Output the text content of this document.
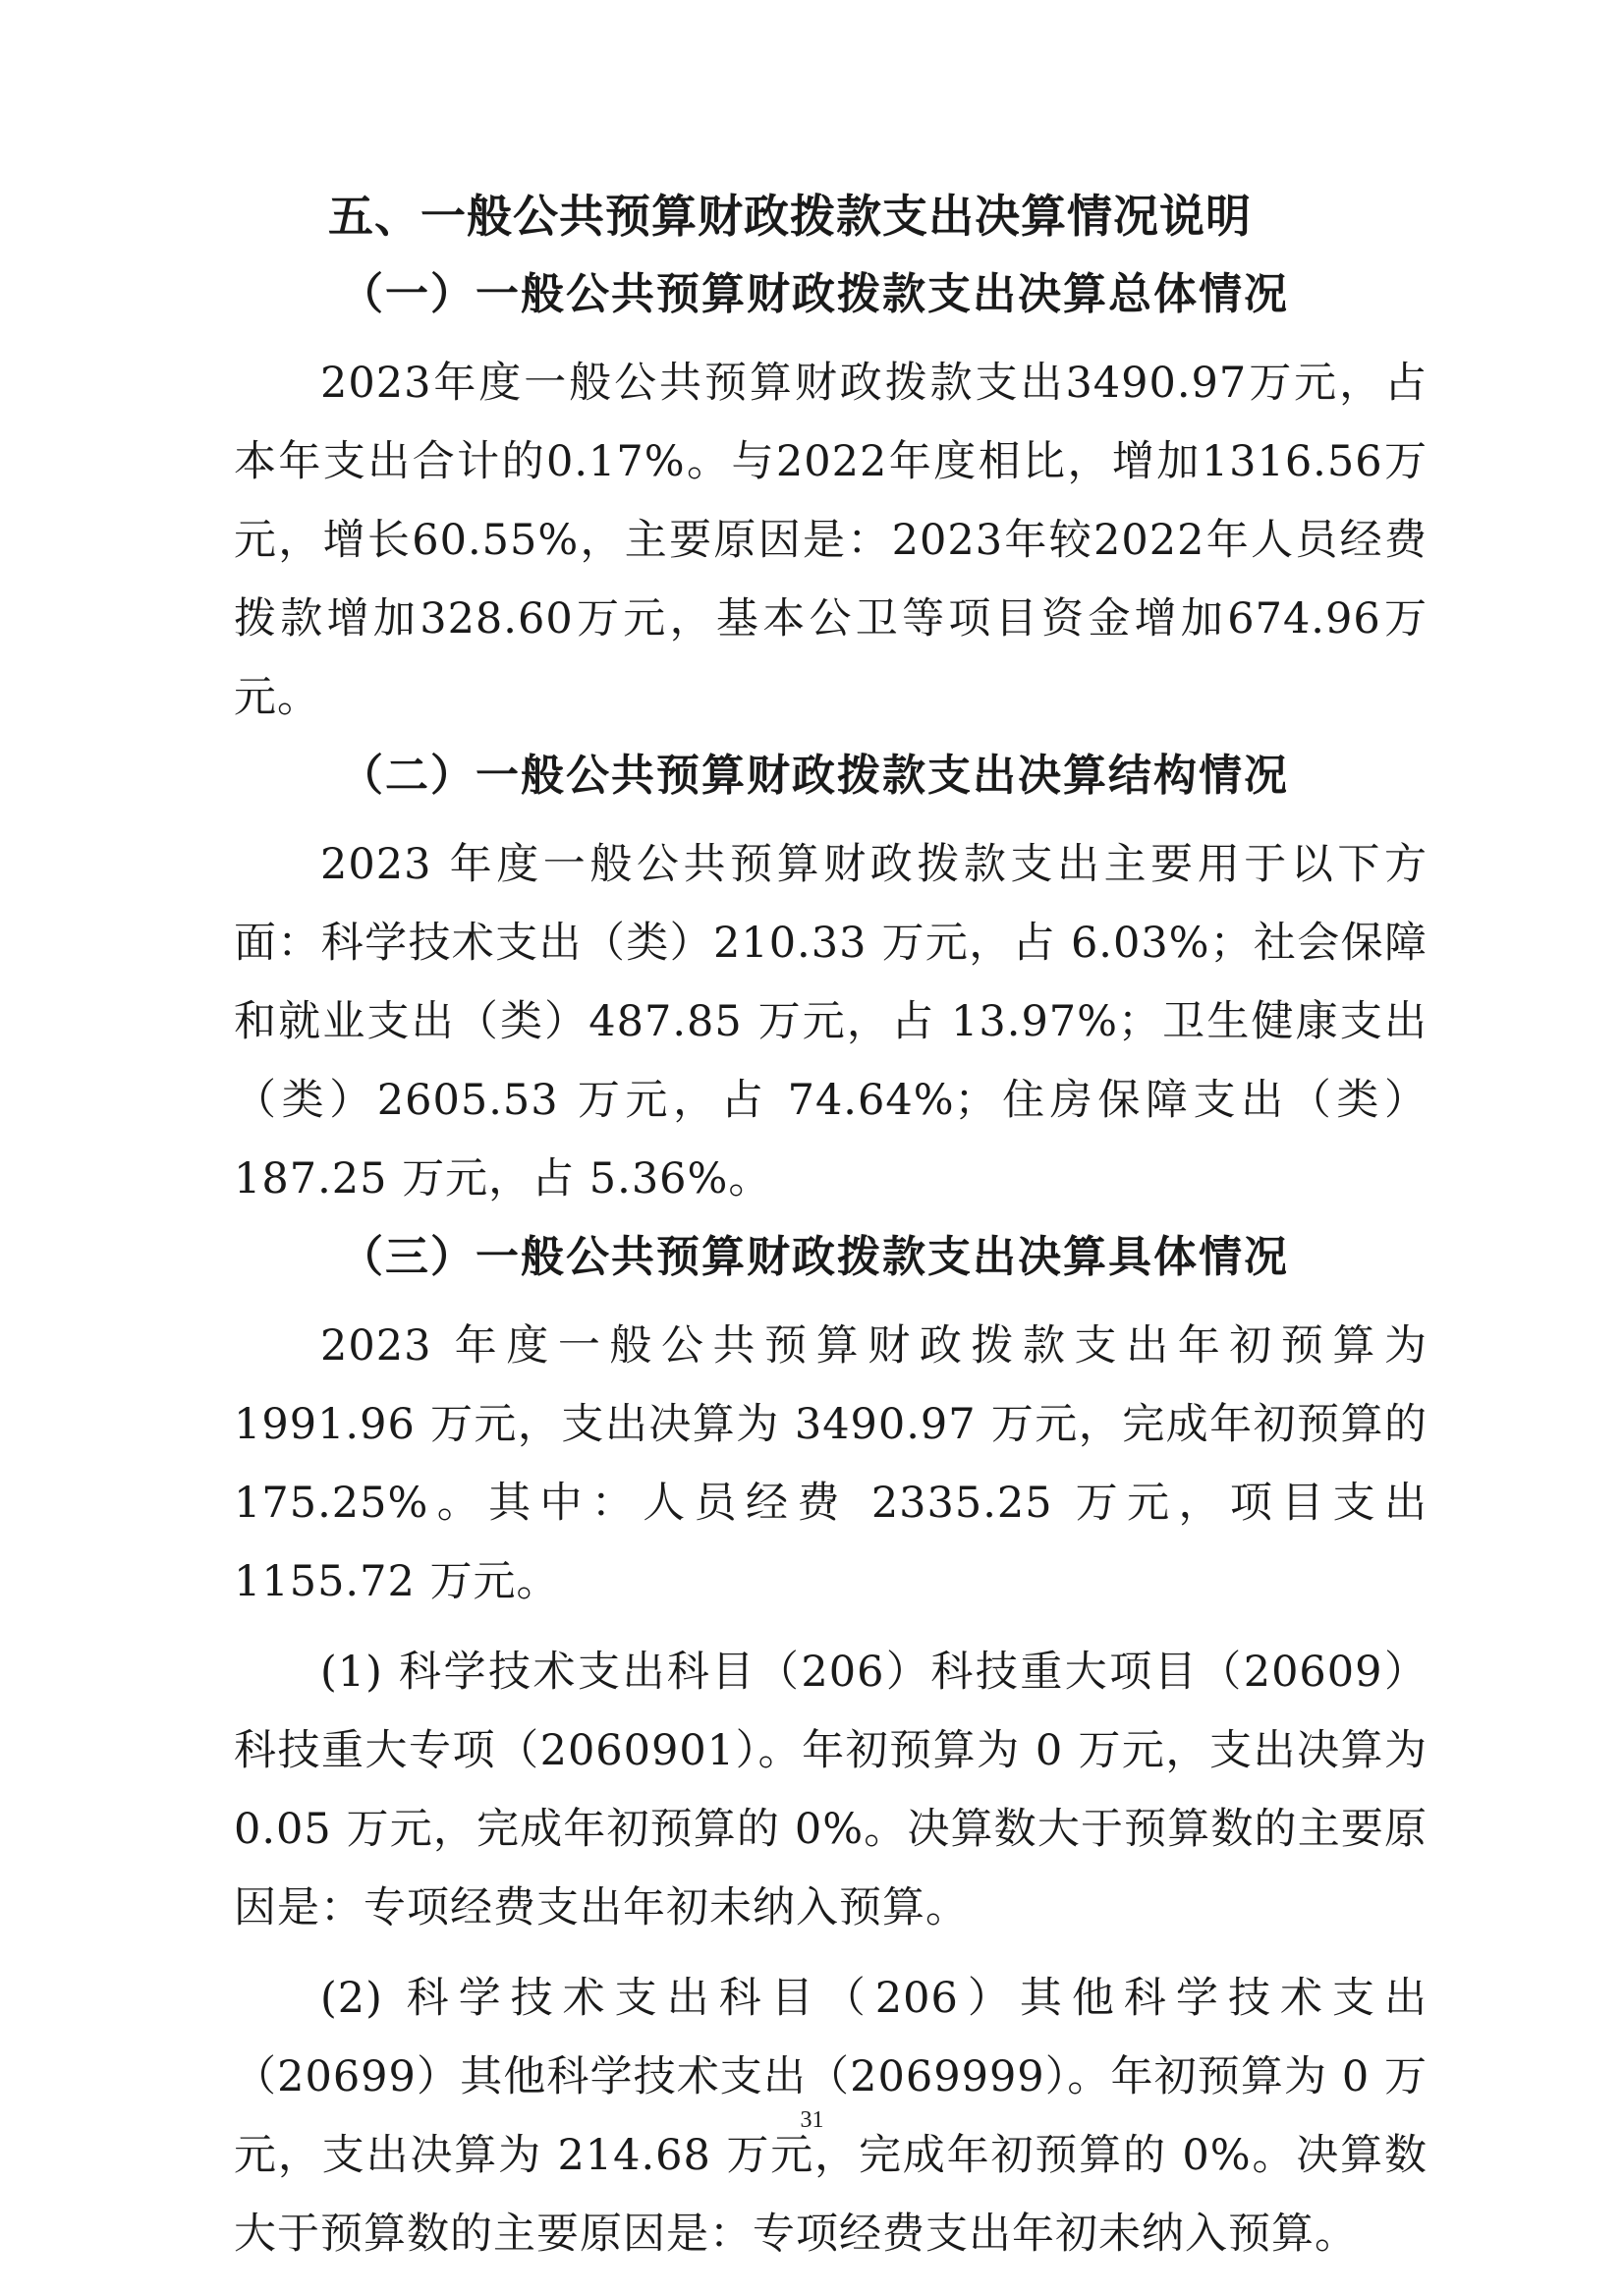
五、一般公共预算财政拨款支出决算情况说明
（一）一般公共预算财政拨款支出决算总体情况

2023年度一般公共预算财政拨款支出3490.97万元，占本年支出合计的0.17%。与2022年度相比，增加1316.56万元，增长60.55%，主要原因是：2023年较2022年人员经费拨款增加328.60万元，基本公卫等项目资金增加674.96万元。

（二）一般公共预算财政拨款支出决算结构情况

2023 年度一般公共预算财政拨款支出主要用于以下方面：科学技术支出（类）210.33 万元，占 6.03%；社会保障和就业支出（类）487.85 万元，占 13.97%；卫生健康支出（类）2605.53 万元，占 74.64%；住房保障支出（类）187.25 万元，占 5.36%。

（三）一般公共预算财政拨款支出决算具体情况

2023 年度一般公共预算财政拨款支出年初预算为 1991.96 万元，支出决算为 3490.97 万元，完成年初预算的 175.25%。其中：人员经费 2335.25 万元，项目支出 1155.72 万元。

(1) 科学技术支出科目（206）科技重大项目（20609）科技重大专项（2060901）。年初预算为 0 万元，支出决算为 0.05 万元，完成年初预算的 0%。决算数大于预算数的主要原因是：专项经费支出年初未纳入预算。

(2) 科学技术支出科目（206）其他科学技术支出（20699）其他科学技术支出（2069999）。年初预算为 0 万元，支出决算为 214.68 万元，完成年初预算的 0%。决算数大于预算数的主要原因是：专项经费支出年初未纳入预算。

31
